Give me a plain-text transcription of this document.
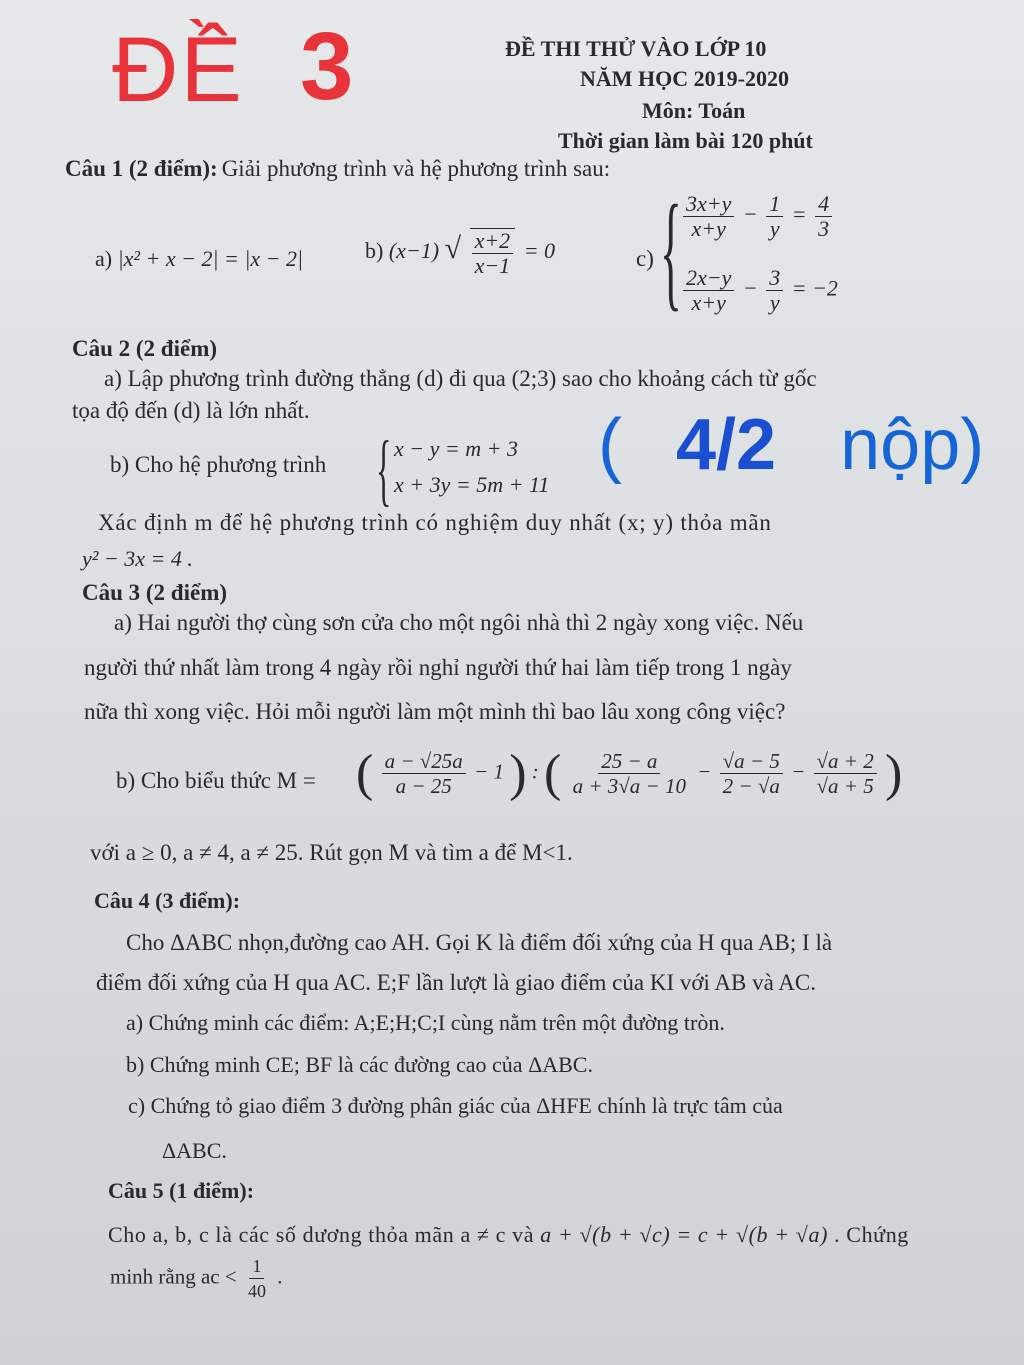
ĐỀ 3	ĐỀ THI THỬ VÀO LỚP 10
NĂM HỌC 2019-2020
Môn: Toán
Thời gian làm bài 120 phút
Câu 1 (2 điểm): Giải phương trình và hệ phương trình sau:
a) |x² + x − 2| = |x − 2|	b) (x−1) √ $\frac{x+2}{x-1} = 0$	c) { $\frac{3x+y}{x+y} - \frac{1}{y} = \frac{4}{3}$
$\frac{2x-y}{x+y} - \frac{3}{y} = -2$
Câu 2 (2 điểm)
a) Lập phương trình đường thẳng (d) đi qua (2;3) sao cho khoảng cách từ gốc
tọa độ đến (d) là lớn nhất.
b) Cho hệ phương trình { x − y = m + 3
x + 3y = 5m + 11 ( 4/2 nộp)
Xác định m để hệ phương trình có nghiệm duy nhất (x; y) thỏa mãn
y² − 3x = 4 .
Câu 3 (2 điểm)
a) Hai người thợ cùng sơn cửa cho một ngôi nhà thì 2 ngày xong việc. Nếu
người thứ nhất làm trong 4 ngày rồi nghỉ người thứ hai làm tiếp trong 1 ngày
nữa thì xong việc. Hỏi mỗi người làm một mình thì bao lâu xong công việc?
b) Cho biểu thức M = ( $\frac{a - √25a}{a - 25} - 1$ ) : ( $\frac{25 - a}{a + 3√a - 10} - \frac{√a - 5}{2 - √a} - \frac{√a + 2}{√a + 5}$ )
với a ≥ 0, a ≠ 4, a ≠ 25. Rút gọn M và tìm a để M<1.
Câu 4 (3 điểm):
Cho ΔABC nhọn,đường cao AH. Gọi K là điểm đối xứng của H qua AB; I là
điểm đối xứng của H qua AC. E;F lần lượt là giao điểm của KI với AB và AC.
a) Chứng minh các điểm: A;E;H;C;I cùng nằm trên một đường tròn.
b) Chứng minh CE; BF là các đường cao của ΔABC.
c) Chứng tỏ giao điểm 3 đường phân giác của ΔHFE chính là trực tâm của
ΔABC.
Câu 5 (1 điểm):
Cho a, b, c là các số dương thỏa mãn a ≠ c và a + √(b + √c) = c + √(b + √a) . Chứng
minh rằng ac < $\frac{1}{40}$ .
